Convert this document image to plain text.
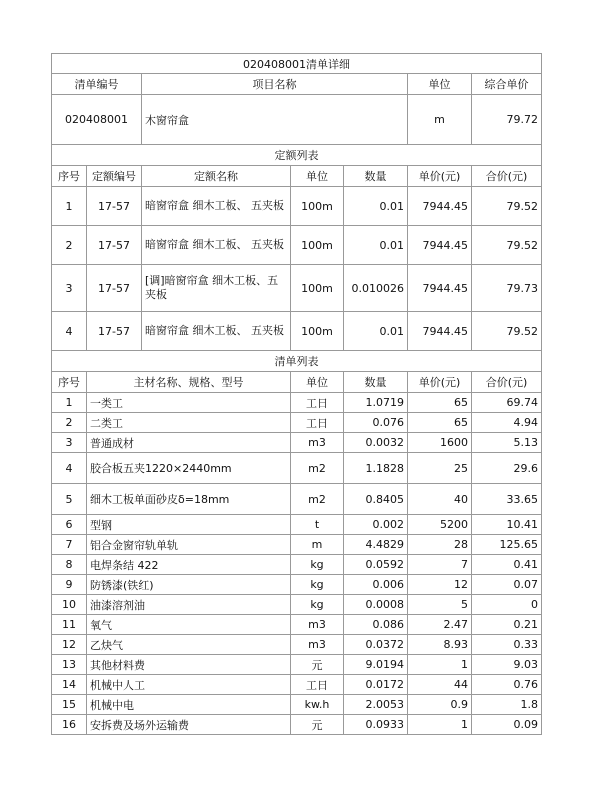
020408001清单详细						
清单编号		项目名称			单位	综合单价
020408001		木窗帘盒			m	79.72
定额列表						
序号	定额编号	定额名称	单位	数量	单价(元)	合价(元)
1	17-57	暗窗帘盒 细木工板、 五夹板	100m	0.01	7944.45	79.52
2	17-57	暗窗帘盒 细木工板、 五夹板	100m	0.01	7944.45	79.52
3	17-57	[调]暗窗帘盒 细木工板、五夹板	100m	0.010026	7944.45	79.73
4	17-57	暗窗帘盒 细木工板、 五夹板	100m	0.01	7944.45	79.52
清单列表						
序号	主材名称、规格、型号		单位	数量	单价(元)	合价(元)
1	一类工		工日	1.0719	65	69.74
2	二类工		工日	0.076	65	4.94
3	普通成材		m3	0.0032	1600	5.13
4	胶合板五夹1220×2440mm		m2	1.1828	25	29.6
5	细木工板单面砂皮δ=18mm		m2	0.8405	40	33.65
6	型钢		t	0.002	5200	10.41
7	铝合金窗帘轨单轨		m	4.4829	28	125.65
8	电焊条结 422		kg	0.0592	7	0.41
9	防锈漆(铁红)		kg	0.006	12	0.07
10	油漆溶剂油		kg	0.0008	5	0
11	氧气		m3	0.086	2.47	0.21
12	乙炔气		m3	0.0372	8.93	0.33
13	其他材料费		元	9.0194	1	9.03
14	机械中人工		工日	0.0172	44	0.76
15	机械中电		kw.h	2.0053	0.9	1.8
16	安拆费及场外运输费		元	0.0933	1	0.09
